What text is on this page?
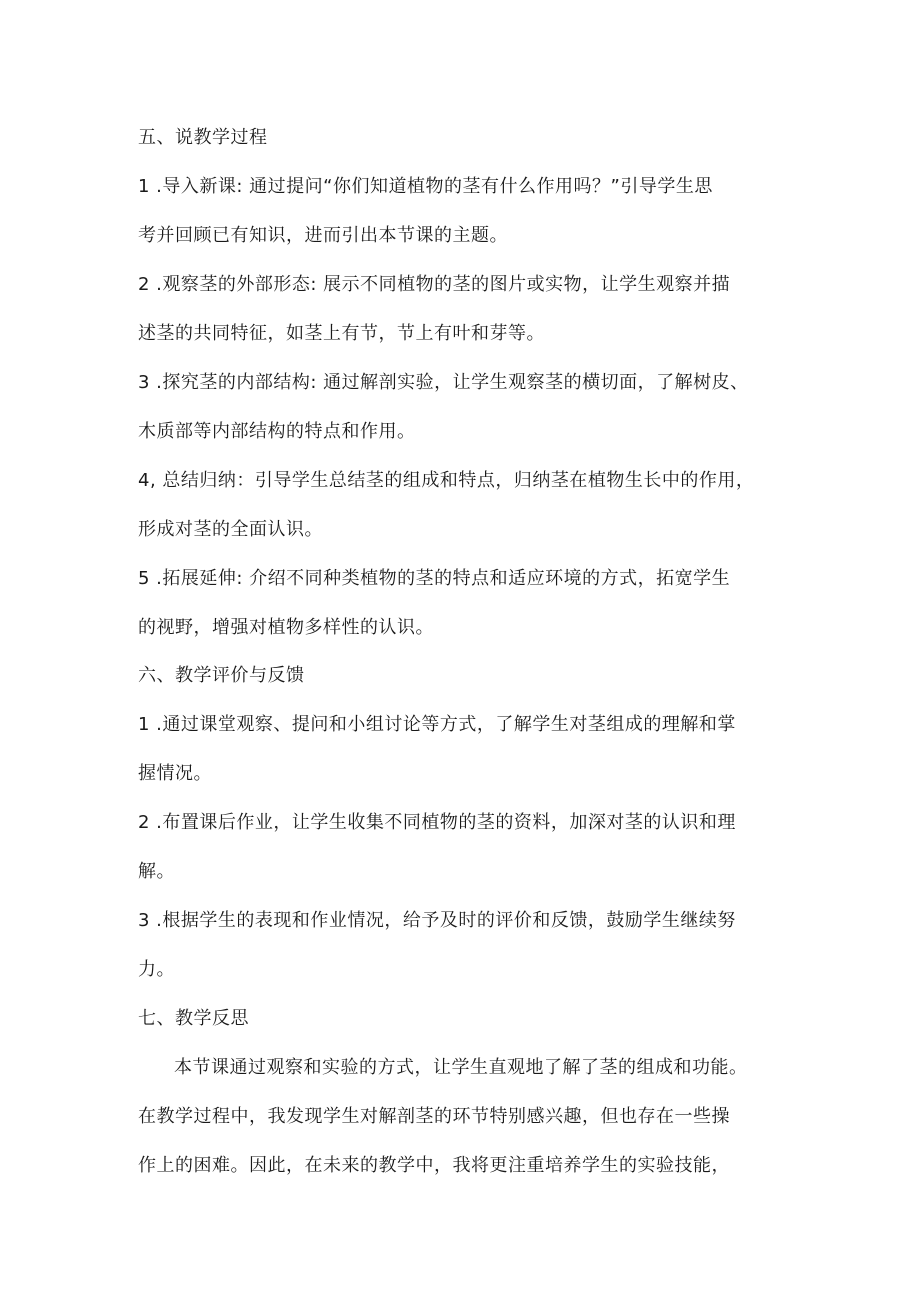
五、说教学过程
1 .导入新课: 通过提问“你们知道植物的茎有什么作用吗？”引导学生思
考并回顾已有知识，进而引出本节课的主题。
2 .观察茎的外部形态: 展示不同植物的茎的图片或实物，让学生观察并描
述茎的共同特征，如茎上有节，节上有叶和芽等。
3 .探究茎的内部结构: 通过解剖实验，让学生观察茎的横切面，了解树皮、
木质部等内部结构的特点和作用。
4, 总结归纳：引导学生总结茎的组成和特点，归纳茎在植物生长中的作用，
形成对茎的全面认识。
5 .拓展延伸: 介绍不同种类植物的茎的特点和适应环境的方式，拓宽学生
的视野，增强对植物多样性的认识。
六、教学评价与反馈
1 .通过课堂观察、提问和小组讨论等方式，了解学生对茎组成的理解和掌
握情况。
2 .布置课后作业，让学生收集不同植物的茎的资料，加深对茎的认识和理
解。
3 .根据学生的表现和作业情况，给予及时的评价和反馈，鼓励学生继续努
力。
七、教学反思
本节课通过观察和实验的方式，让学生直观地了解了茎的组成和功能。
在教学过程中，我发现学生对解剖茎的环节特别感兴趣，但也存在一些操
作上的困难。因此，在未来的教学中，我将更注重培养学生的实验技能，
